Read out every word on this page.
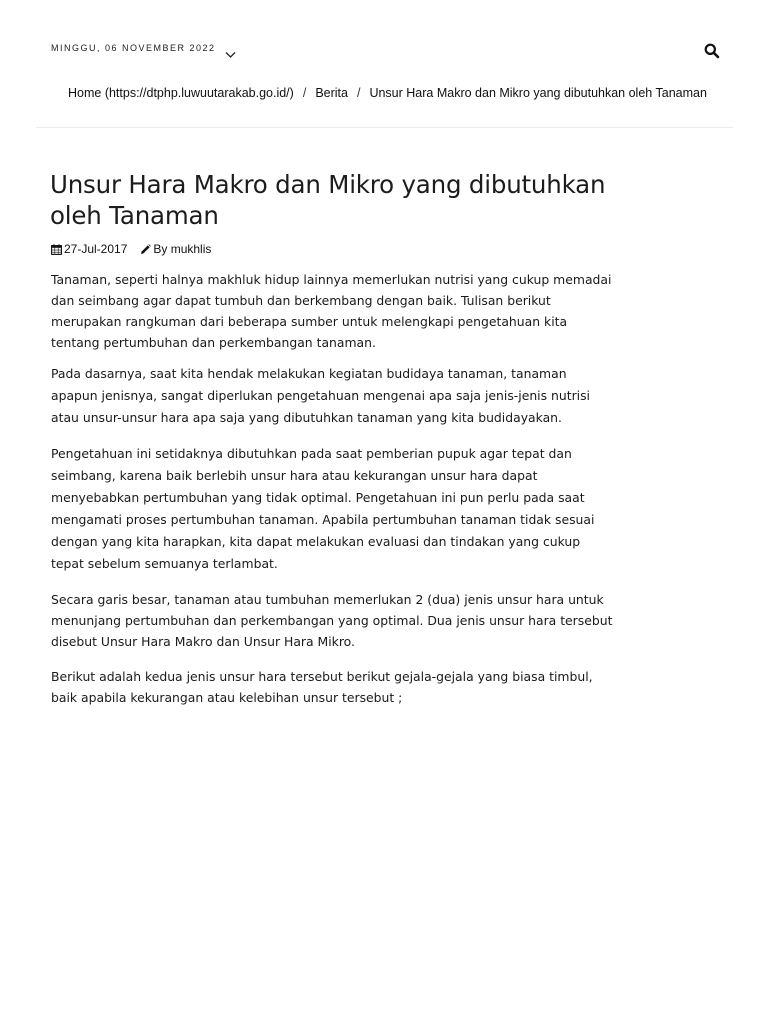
MINGGU, 06 NOVEMBER 2022
Home (https://dtphp.luwuutarakab.go.id/) / Berita / Unsur Hara Makro dan Mikro yang dibutuhkan oleh Tanaman
Unsur Hara Makro dan Mikro yang dibutuhkan oleh Tanaman
27-Jul-2017 By mukhlis

Tanaman, seperti halnya makhluk hidup lainnya memerlukan nutrisi yang cukup memadai dan seimbang agar dapat tumbuh dan berkembang dengan baik. Tulisan berikut merupakan rangkuman dari beberapa sumber untuk melengkapi pengetahuan kita tentang pertumbuhan dan perkembangan tanaman.

Pada dasarnya, saat kita hendak melakukan kegiatan budidaya tanaman, tanaman apapun jenisnya, sangat diperlukan pengetahuan mengenai apa saja jenis-jenis nutrisi atau unsur-unsur hara apa saja yang dibutuhkan tanaman yang kita budidayakan.

Pengetahuan ini setidaknya dibutuhkan pada saat pemberian pupuk agar tepat dan seimbang, karena baik berlebih unsur hara atau kekurangan unsur hara dapat menyebabkan pertumbuhan yang tidak optimal. Pengetahuan ini pun perlu pada saat mengamati proses pertumbuhan tanaman. Apabila pertumbuhan tanaman tidak sesuai dengan yang kita harapkan, kita dapat melakukan evaluasi dan tindakan yang cukup tepat sebelum semuanya terlambat.

Secara garis besar, tanaman atau tumbuhan memerlukan 2 (dua) jenis unsur hara untuk menunjang pertumbuhan dan perkembangan yang optimal. Dua jenis unsur hara tersebut disebut Unsur Hara Makro dan Unsur Hara Mikro.

Berikut adalah kedua jenis unsur hara tersebut berikut gejala-gejala yang biasa timbul, baik apabila kekurangan atau kelebihan unsur tersebut ;
